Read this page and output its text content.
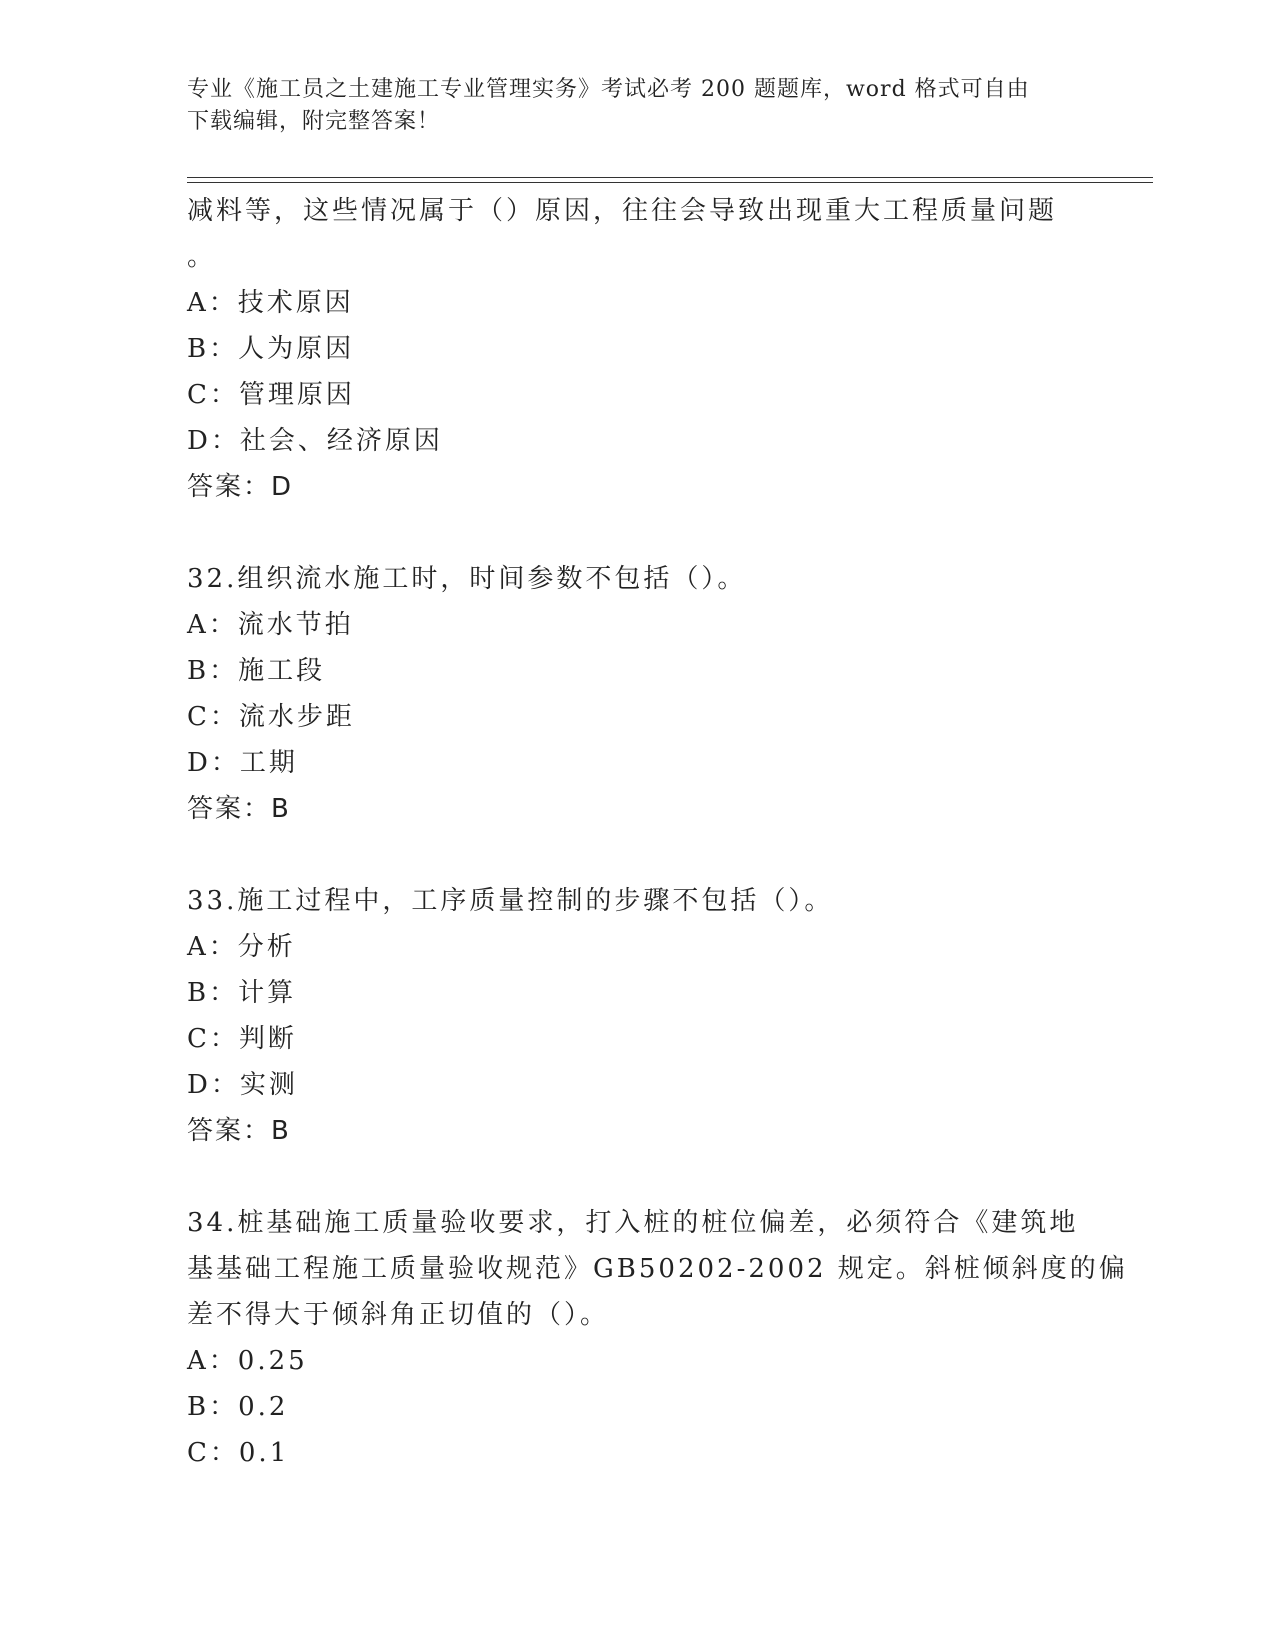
专业《施工员之土建施工专业管理实务》考试必考 200 题题库，word 格式可自由
下载编辑，附完整答案！
减料等，这些情况属于（）原因，往往会导致出现重大工程质量问题
。
A：技术原因
B：人为原因
C：管理原因
D：社会、经济原因
答案：D
32.组织流水施工时，时间参数不包括（）。
A：流水节拍
B：施工段
C：流水步距
D：工期
答案：B
33.施工过程中，工序质量控制的步骤不包括（）。
A：分析
B：计算
C：判断
D：实测
答案：B
34.桩基础施工质量验收要求，打入桩的桩位偏差，必须符合《建筑地
基基础工程施工质量验收规范》GB50202-2002 规定。斜桩倾斜度的偏
差不得大于倾斜角正切值的（）。
A：0.25
B：0.2
C：0.1
